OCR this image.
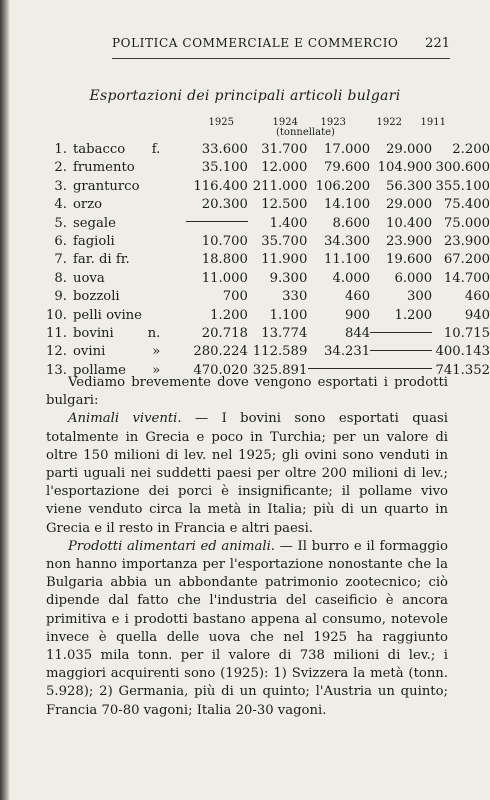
POLITICA COMMERCIALE E COMMERCIO 221
Esportazioni dei principali articoli bulgari
1925	1924	1923	1922	1911
(tonnellate)
1.	tabacco f.	33.600	31.700	17.000	29.000	2.200
2.	frumento	35.100	12.000	79.600	104.900	300.600
3.	granturco	116.400	211.000	106.200	56.300	355.100
4.	orzo	20.300	12.500	14.100	29.000	75.400
5.	segale		1.400	8.600	10.400	75.000
6.	fagioli	10.700	35.700	34.300	23.900	23.900
7.	far. di fr.	18.800	11.900	11.100	19.600	67.200
8.	uova	11.000	9.300	4.000	6.000	14.700
9.	bozzoli	700	330	460	300	460
10.	pelli ovine	1.200	1.100	900	1.200	940
11.	bovini n.	20.718	13.774	844		10.715
12.	ovini »	280.224	112.589	34.231		400.143
13.	pollame »	470.020	325.891			741.352

Vediamo brevemente dove vengono esportati i prodotti bulgari:

Animali viventi. — I bovini sono esportati quasi totalmente in Grecia e poco in Turchia; per un valore di oltre 150 milioni di lev. nel 1925; gli ovini sono venduti in parti uguali nei suddetti paesi per oltre 200 milioni di lev.; l'esportazione dei porci è insignificante; il pollame vivo viene venduto circa la metà in Italia; più di un quarto in Grecia e il resto in Francia e altri paesi.

Prodotti alimentari ed animali. — Il burro e il formaggio non hanno importanza per l'esportazione nonostante che la Bulgaria abbia un abbondante patrimonio zootecnico; ciò dipende dal fatto che l'industria del caseificio è ancora primitiva e i prodotti bastano appena al consumo, notevole invece è quella delle uova che nel 1925 ha raggiunto 11.035 mila tonn. per il valore di 738 milioni di lev.; i maggiori acquirenti sono (1925): 1) Svizzera la metà (tonn. 5.928); 2) Germania, più di un quinto; l'Austria un quinto; Francia 70-80 vagoni; Italia 20-30 vagoni.
